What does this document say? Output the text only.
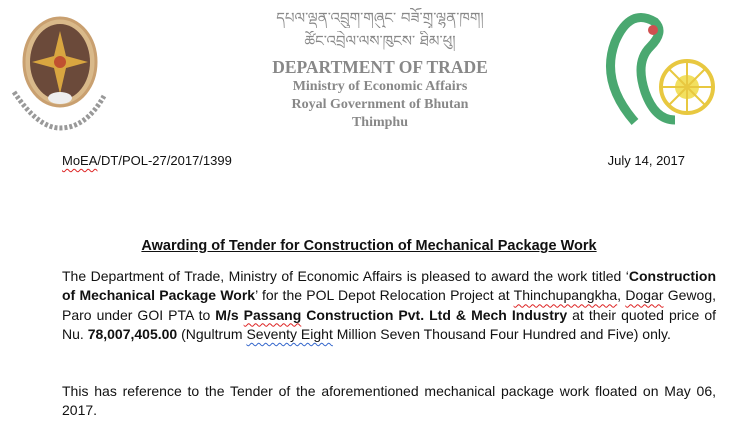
དཔལ་ལྡན་འབྲུག་གཞུང་ བཟོ་གྲྭ་ལྷན་ཁག།
ཚོང་འབྲེལ་ལས་ཁུངས་ ཐིམ་ཕུ།
DEPARTMENT OF TRADE
Ministry of Economic Affairs
Royal Government of Bhutan
Thimphu
MoEA/DT/POL-27/2017/1399	July 14, 2017
Awarding of Tender for Construction of Mechanical Package Work
The Department of Trade, Ministry of Economic Affairs is pleased to award the work titled ‘Construction of Mechanical Package Work’ for the POL Depot Relocation Project at Thinchupangkha, Dogar Gewog, Paro under GOI PTA to M/s Passang Construction Pvt. Ltd & Mech Industry at their quoted price of Nu. 78,007,405.00 (Ngultrum Seventy Eight Million Seven Thousand Four Hundred and Five) only.
This has reference to the Tender of the aforementioned mechanical package work floated on May 06, 2017.
